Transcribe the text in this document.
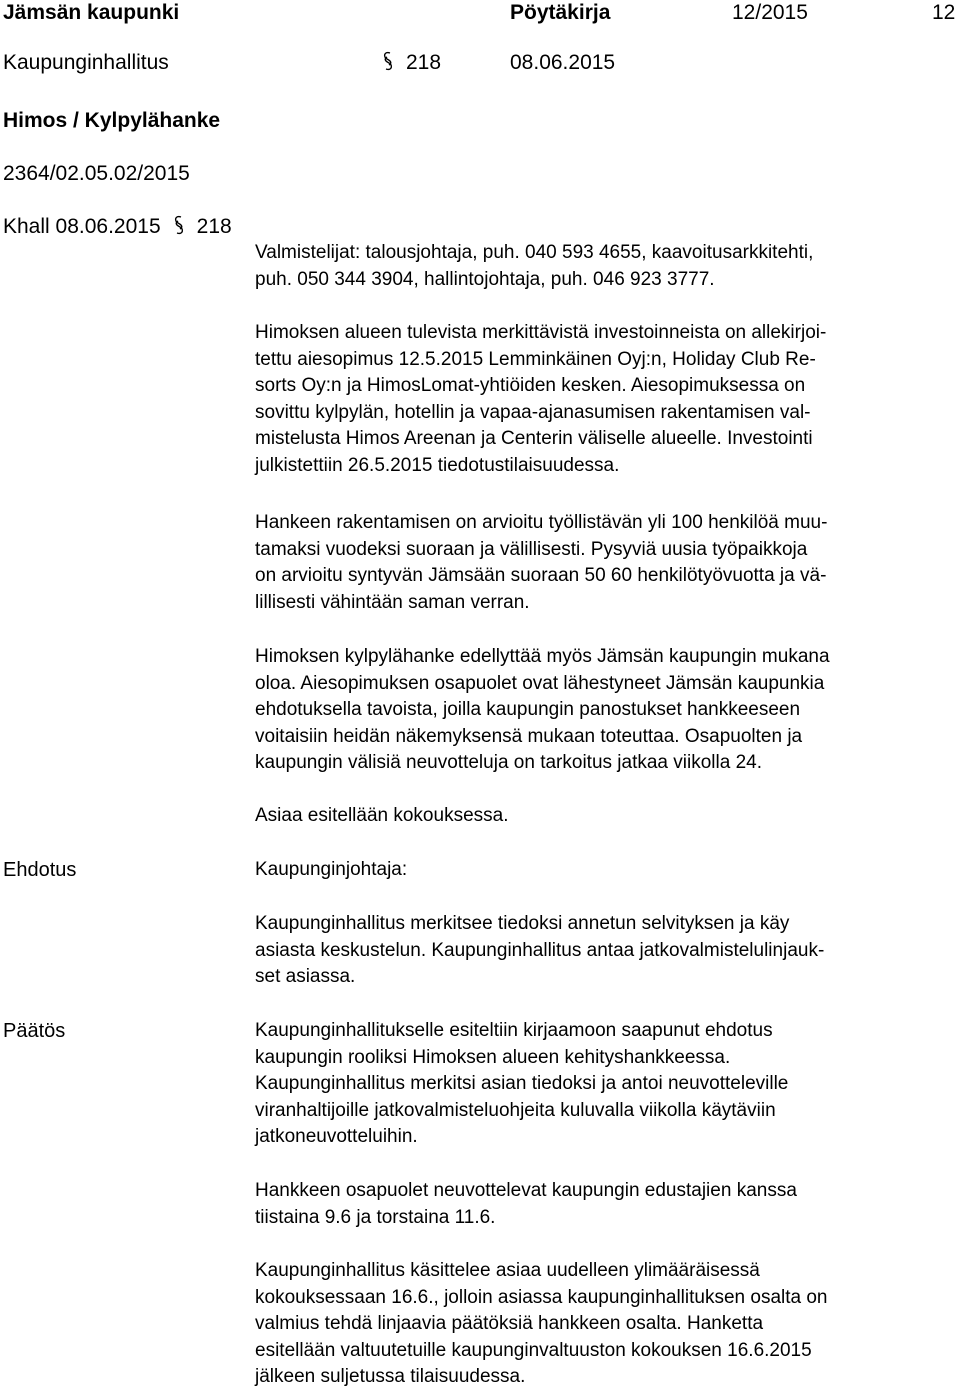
Jämsän kaupunki	Pöytäkirja	12/2015	12
Kaupunginhallitus	218	08.06.2015
Himos / Kylpylähanke
2364/02.05.02/2015
Khall 08.06.2015 218
Valmistelijat: talousjohtaja, puh. 040 593 4655, kaavoitusarkkitehti,
puh. 050 344 3904, hallintojohtaja, puh. 046 923 3777.
Himoksen alueen tulevista merkittävistä investoinneista on allekirjoi-
tettu aiesopimus 12.5.2015 Lemminkäinen Oyj:n, Holiday Club Re-
sorts Oy:n ja HimosLomat-yhtiöiden kesken. Aiesopimuksessa on
sovittu kylpylän, hotellin ja vapaa-ajanasumisen rakentamisen val-
mistelusta Himos Areenan ja Centerin väliselle alueelle. Investointi
julkistettiin 26.5.2015 tiedotustilaisuudessa.
Hankeen rakentamisen on arvioitu työllistävän yli 100 henkilöä muu-
tamaksi vuodeksi suoraan ja välillisesti. Pysyviä uusia työpaikkoja
on arvioitu syntyvän Jämsään suoraan 50 60 henkilötyövuotta ja vä-
lillisesti vähintään saman verran.
Himoksen kylpylähanke edellyttää myös Jämsän kaupungin mukana
oloa. Aiesopimuksen osapuolet ovat lähestyneet Jämsän kaupunkia
ehdotuksella tavoista, joilla kaupungin panostukset hankkeeseen
voitaisiin heidän näkemyksensä mukaan toteuttaa. Osapuolten ja
kaupungin välisiä neuvotteluja on tarkoitus jatkaa viikolla 24.
Asiaa esitellään kokouksessa.
Ehdotus	Kaupunginjohtaja:
Kaupunginhallitus merkitsee tiedoksi annetun selvityksen ja käy
asiasta keskustelun. Kaupunginhallitus antaa jatkovalmistelulinjauk-
set asiassa.
Päätös	Kaupunginhallitukselle esiteltiin kirjaamoon saapunut ehdotus
kaupungin rooliksi Himoksen alueen kehityshankkeessa.
Kaupunginhallitus merkitsi asian tiedoksi ja antoi neuvotteleville
viranhaltijoille jatkovalmisteluohjeita kuluvalla viikolla käytäviin
jatkoneuvotteluihin.
Hankkeen osapuolet neuvottelevat kaupungin edustajien kanssa
tiistaina 9.6 ja torstaina 11.6.
Kaupunginhallitus käsittelee asiaa uudelleen ylimääräisessä
kokouksessaan 16.6., jolloin asiassa kaupunginhallituksen osalta on
valmius tehdä linjaavia päätöksiä hankkeen osalta. Hanketta
esitellään valtuutetuille kaupunginvaltuuston kokouksen 16.6.2015
jälkeen suljetussa tilaisuudessa.
